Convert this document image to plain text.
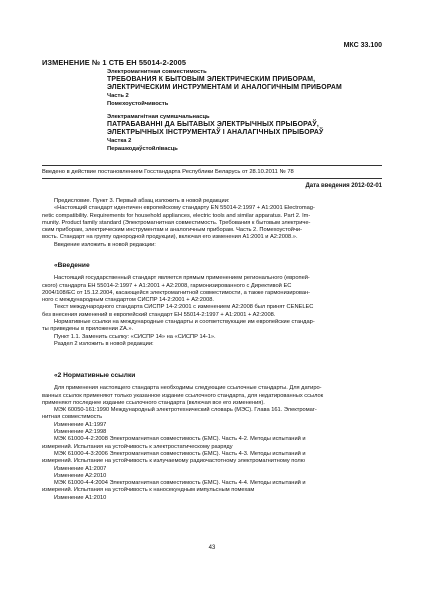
МКС 33.100
ИЗМЕНЕНИЕ № 1 СТБ ЕН 55014-2-2005
Электромагнитная совместимость
ТРЕБОВАНИЯ К БЫТОВЫМ ЭЛЕКТРИЧЕСКИМ ПРИБОРАМ,
ЭЛЕКТРИЧЕСКИМ ИНСТРУМЕНТАМ И АНАЛОГИЧНЫМ ПРИБОРАМ
Часть 2
Помехоустойчивость
Электрамагнітная сумяшчальнасць
ПАТРАБАВАННІ ДА БЫТАВЫХ ЭЛЕКТРЫЧНЫХ ПРЫБОРАЎ,
ЭЛЕКТРЫЧНЫХ ІНСТРУМЕНТАЎ І АНАЛАГІЧНЫХ ПРЫБОРАЎ
Частка 2
Перашкодаўстойлівасць
Введено в действие постановлением Госстандарта Республики Беларусь от 28.10.2011 № 78
Дата введения 2012-02-01

Предисловие. Пункт 3. Первый абзац изложить в новой редакции:

«Настоящий стандарт идентичен европейскому стандарту EN 55014-2:1997 + A1:2001 Electromag-

netic compatibility. Requirements for household appliances, electric tools and similar apparatus. Part 2. Im-

munity. Product family standard (Электромагнитная совместимость. Требования к бытовым электриче-

ским приборам, электрическим инструментам и аналогичным приборам. Часть 2. Помехоустойчи-

вость. Стандарт на группу однородной продукции), включая его изменения A1:2001 и A2:2008.».

Введение изложить в новой редакции:

«Введение

Настоящий государственный стандарт является прямым применением регионального (европей-

ского) стандарта ЕН 55014-2:1997 + A1:2001 + A2:2008, гармонизированного с Директивой ЕС

2004/108/EC от 15.12.2004, касающейся электромагнитной совместимости, а также гармонизирован-

ного с международным стандартом СИСПР 14-2:2001 + A2:2008.

Текст международного стандарта СИСПР 14-2:2001 с изменением A2:2008 был принят CENELEC

без внесения изменений в европейский стандарт ЕН 55014-2:1997 + A1:2001 + A2:2008.

Нормативные ссылки на международные стандарты и соответствующие им европейские стандар-

ты приведены в приложении ZA.».

Пункт 1.1. Заменить ссылку: «СИСПР 14» на «СИСПР 14-1».

Раздел 2 изложить в новой редакции:

«2 Нормативные ссылки

Для применения настоящего стандарта необходимы следующие ссылочные стандарты. Для датиро-

ванных ссылок применяют только указанное издание ссылочного стандарта, для недатированных ссылок

применяют последнее издание ссылочного стандарта (включая все его изменения).

МЭК 60050-161:1990 Международный электротехнический словарь (МЭС). Глава 161. Электромаг-

нитная совместимость

Изменение A1:1997

Изменение A2:1998

МЭК 61000-4-2:2008 Электромагнитная совместимость (ЕМС). Часть 4-2. Методы испытаний и

измерений. Испытания на устойчивость к электростатическому разряду

МЭК 61000-4-3:2006 Электромагнитная совместимость (ЕМС). Часть 4-3. Методы испытаний и

измерений. Испытание на устойчивость к излучаемому радиочастотному электромагнитному полю

Изменение A1:2007

Изменение A2:2010

МЭК 61000-4-4:2004 Электромагнитная совместимость (ЕМС). Часть 4-4. Методы испытаний и

измерений. Испытания на устойчивость к наносекундным импульсным помехам

Изменение A1:2010

43
